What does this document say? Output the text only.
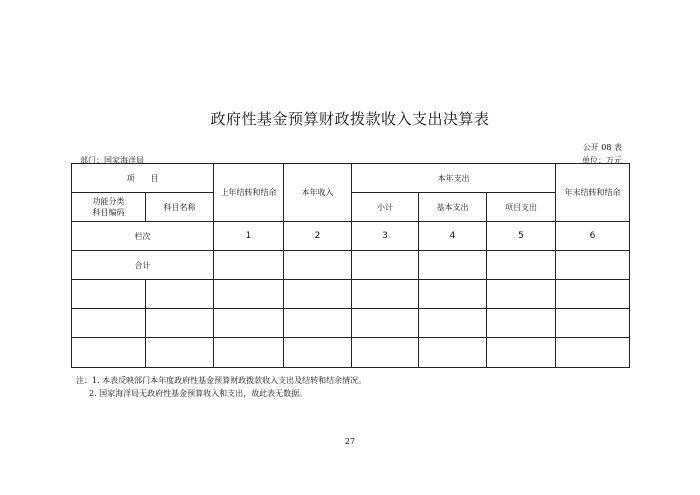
政府性基金预算财政拨款收入支出决算表
公开 08 表
部门：国家海洋局	单位：万元
项　　目		上年结转和结余	本年收入	本年支出			年末结转和结余

功能分类
科目编码	科目名称			小计	基本支出	项目支出	
栏次		1	2	3	4	5	6
合计							

注：1. 本表反映部门本年度政府性基金预算财政拨款收入支出及结转和结余情况。
2. 国家海洋局无政府性基金预算收入和支出，故此表无数据。
27
